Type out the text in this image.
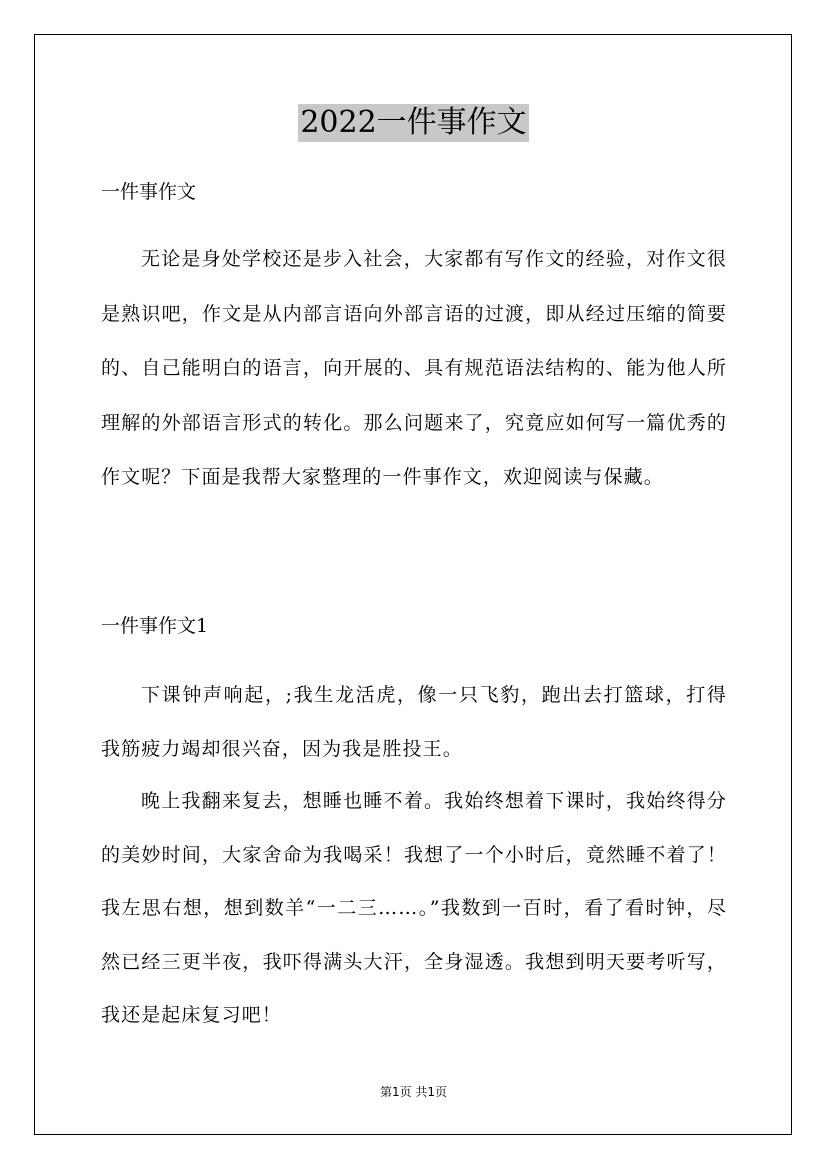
2022一件事作文
一件事作文
无论是身处学校还是步入社会，大家都有写作文的经验，对作文很是熟识吧，作文是从内部言语向外部言语的过渡，即从经过压缩的简要的、自己能明白的语言，向开展的、具有规范语法结构的、能为他人所理解的外部语言形式的转化。那么问题来了，究竟应如何写一篇优秀的作文呢？下面是我帮大家整理的一件事作文，欢迎阅读与保藏。
一件事作文1
下课钟声响起，;我生龙活虎，像一只飞豹，跑出去打篮球，打得我筋疲力竭却很兴奋，因为我是胜投王。
晚上我翻来复去，想睡也睡不着。我始终想着下课时，我始终得分的美妙时间，大家舍命为我喝采！我想了一个小时后，竟然睡不着了！我左思右想，想到数羊“一二三……。”我数到一百时，看了看时钟，尽然已经三更半夜，我吓得满头大汗，全身湿透。我想到明天要考听写，我还是起床复习吧！
第1页 共1页
